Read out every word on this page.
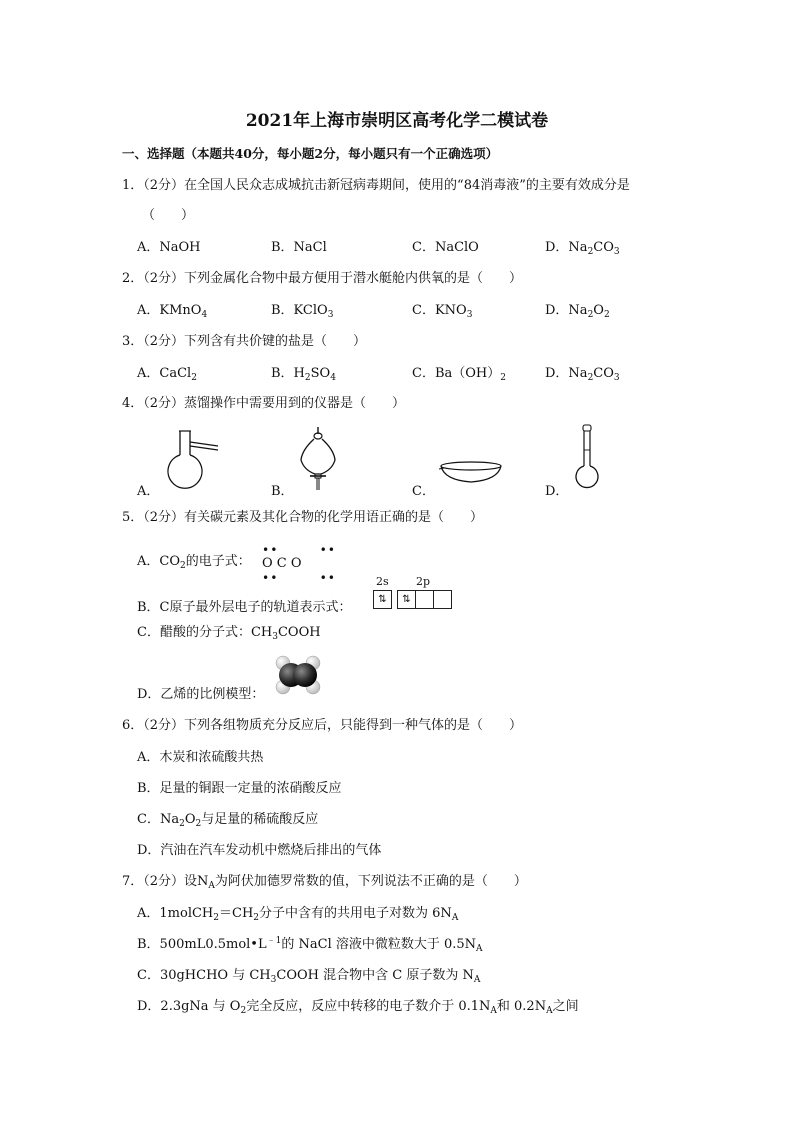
2021年上海市崇明区高考化学二模试卷
一、选择题（本题共40分，每小题2分，每小题只有一个正确选项）
1．（2分）在全国人民众志成城抗击新冠病毒期间，使用的“84消毒液”的主要有效成分是
（　　）
A．NaOH	B．NaCl	C．NaClO	D．$Na_2CO_3$
2．（2分）下列金属化合物中最方便用于潜水艇舱内供氧的是（　　）
A．KMnO$_4$	B．KClO$_3$	C．$KNO_3$	D．$Na_2O_2$
3．（2分）下列含有共价键的盐是（　　）
A．CaCl$_2$	B．$H_2SO_4$	C．$Ba(OH)_2$	D．$Na_2CO_3$
4．（2分）蒸馏操作中需要用到的仪器是（　　）
A．	B．	C．	D．
5．（2分）有关碳元素及其化合物的化学用语正确的是（　　）
A．$CO_2$的电子式：
••     ••
O C O
••     ••
B．C原子最外层电子的轨道表示式：
2s 2p
⇅	⇅
C．醋酸的分子式：$CH_3COOH$
D．乙烯的比例模型：
6．（2分）下列各组物质充分反应后，只能得到一种气体的是（　　）
A．木炭和浓硫酸共热
B．足量的铜跟一定量的浓硝酸反应
C．$Na_2O_2$与足量的稀硫酸反应
D．汽油在汽车发动机中燃烧后排出的气体
7．（2分）设$N_A$为阿伏加德罗常数的值，下列说法不正确的是（　　）
A．$1molCH_2=CH_2$分子中含有的共用电子对数为 $6N_A$
B．$500mL0.5mol•L^{﹣1}$的 NaCl 溶液中微粒数大于 $0.5N_A$
C．30gHCHO 与 $CH_3COOH$ 混合物中含 C 原子数为 $N_A$
D．2.3gNa 与 $O_2$完全反应，反应中转移的电子数介于 $0.1N_A$和 $0.2N_A$之间
